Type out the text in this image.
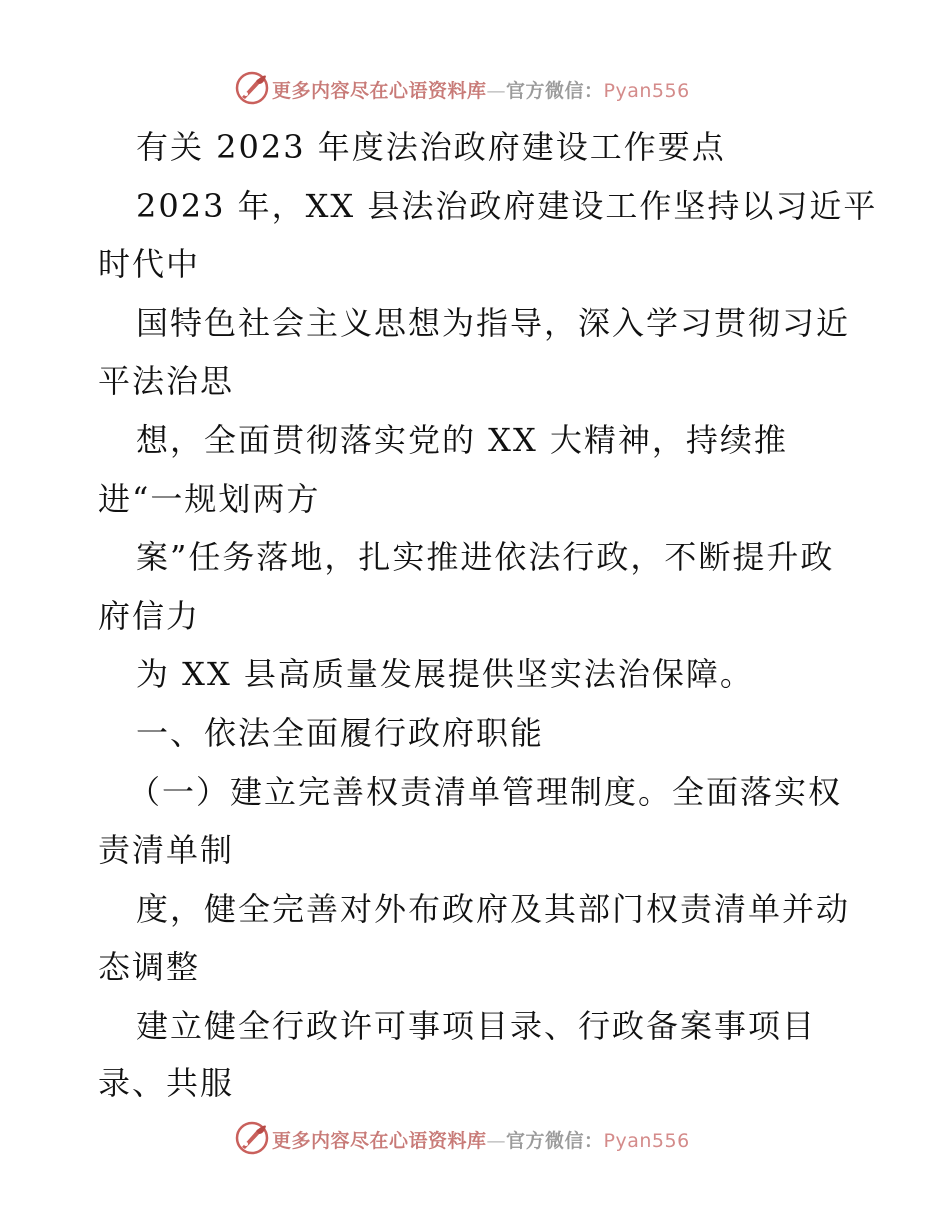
更多内容尽在心语资料库—官方微信：Pyan556
有关 2023 年度法治政府建设工作要点
2023 年，XX 县法治政府建设工作坚持以习近平
时代中
国特色社会主义思想为指导，深入学习贯彻习近
平法治思
想，全面贯彻落实党的 XX 大精神，持续推
进“一规划两方
案”任务落地，扎实推进依法行政，不断提升政
府信力
为 XX 县高质量发展提供坚实法治保障。
一、依法全面履行政府职能
（一）建立完善权责清单管理制度。全面落实权
责清单制
度，健全完善对外布政府及其部门权责清单并动
态调整
建立健全行政许可事项目录、行政备案事项目
录、共服
更多内容尽在心语资料库—官方微信：Pyan556
